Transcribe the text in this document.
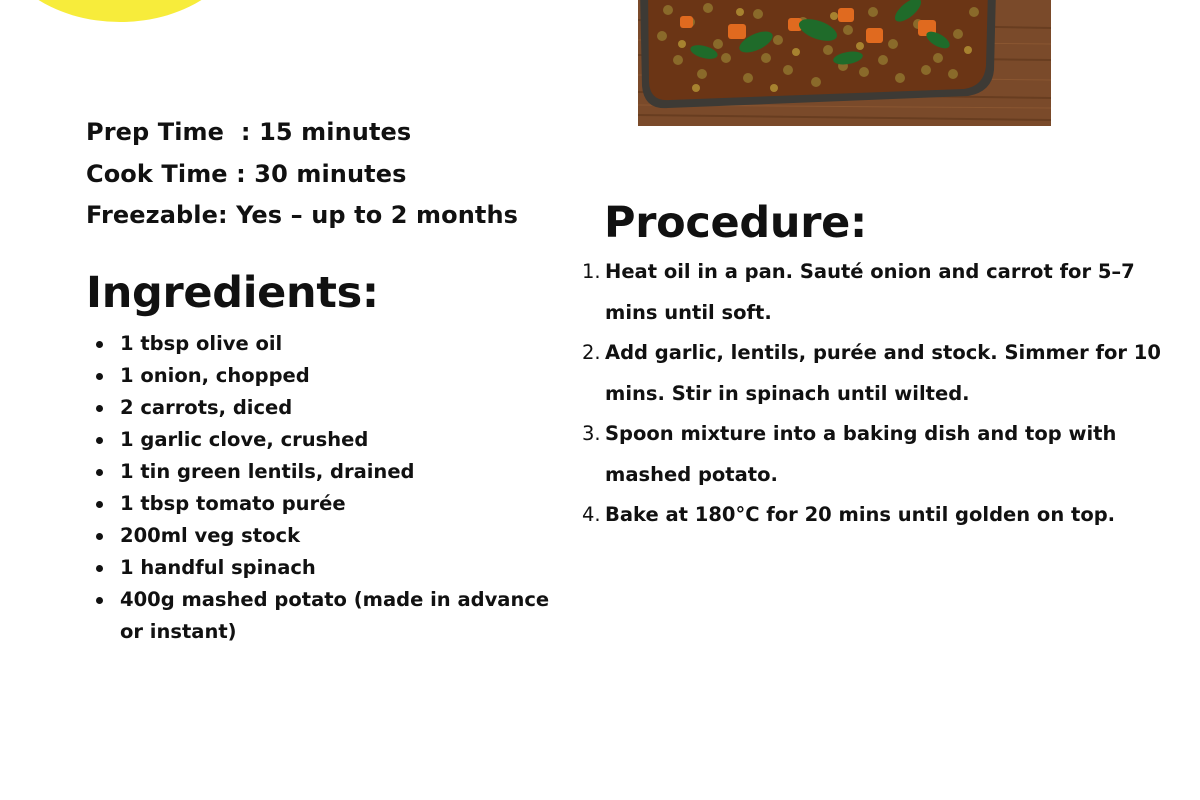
Prep Time  : 15 minutes
Cook Time : 30 minutes
Freezable: Yes – up to 2 months
Ingredients:
1 tbsp olive oil
1 onion, chopped
2 carrots, diced
1 garlic clove, crushed
1 tin green lentils, drained
1 tbsp tomato purée
200ml veg stock
1 handful spinach
400g mashed potato (made in advance or instant)
Procedure:
1. Heat oil in a pan. Sauté onion and carrot for 5–7 mins until soft.
2. Add garlic, lentils, purée and stock. Simmer for 10 mins. Stir in spinach until wilted.
3. Spoon mixture into a baking dish and top with mashed potato.
4. Bake at 180°C for 20 mins until golden on top.
